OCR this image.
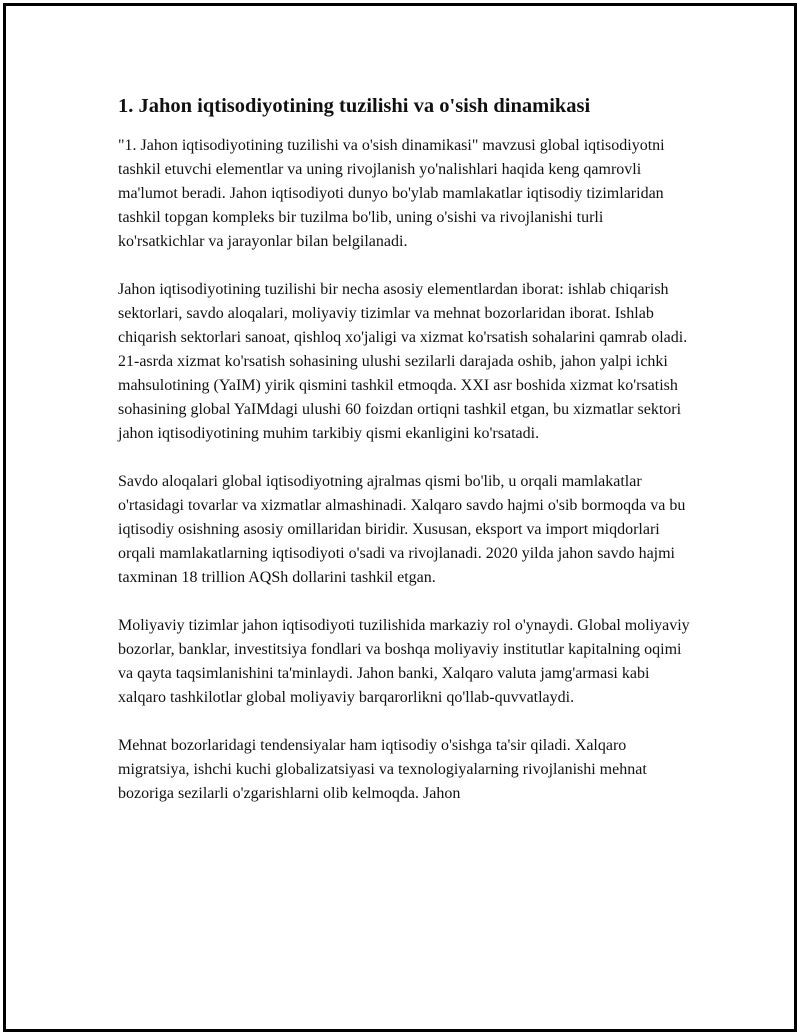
1. Jahon iqtisodiyotining tuzilishi va o'sish dinamikasi

"1. Jahon iqtisodiyotining tuzilishi va o'sish dinamikasi" mavzusi global iqtisodiyotni tashkil etuvchi elementlar va uning rivojlanish yo'nalishlari haqida keng qamrovli ma'lumot beradi. Jahon iqtisodiyoti dunyo bo'ylab mamlakatlar iqtisodiy tizimlaridan tashkil topgan kompleks bir tuzilma bo'lib, uning o'sishi va rivojlanishi turli ko'rsatkichlar va jarayonlar bilan belgilanadi.

Jahon iqtisodiyotining tuzilishi bir necha asosiy elementlardan iborat: ishlab chiqarish sektorlari, savdo aloqalari, moliyaviy tizimlar va mehnat bozorlaridan iborat. Ishlab chiqarish sektorlari sanoat, qishloq xo'jaligi va xizmat ko'rsatish sohalarini qamrab oladi. 21-asrda xizmat ko'rsatish sohasining ulushi sezilarli darajada oshib, jahon yalpi ichki mahsulotining (YaIM) yirik qismini tashkil etmoqda. XXI asr boshida xizmat ko'rsatish sohasining global YaIMdagi ulushi 60 foizdan ortiqni tashkil etgan, bu xizmatlar sektori jahon iqtisodiyotining muhim tarkibiy qismi ekanligini ko'rsatadi.

Savdo aloqalari global iqtisodiyotning ajralmas qismi bo'lib, u orqali mamlakatlar o'rtasidagi tovarlar va xizmatlar almashinadi. Xalqaro savdo hajmi o'sib bormoqda va bu iqtisodiy osishning asosiy omillaridan biridir. Xususan, eksport va import miqdorlari orqali mamlakatlarning iqtisodiyoti o'sadi va rivojlanadi. 2020 yilda jahon savdo hajmi taxminan 18 trillion AQSh dollarini tashkil etgan.

Moliyaviy tizimlar jahon iqtisodiyoti tuzilishida markaziy rol o'ynaydi. Global moliyaviy bozorlar, banklar, investitsiya fondlari va boshqa moliyaviy institutlar kapitalning oqimi va qayta taqsimlanishini ta'minlaydi. Jahon banki, Xalqaro valuta jamg'armasi kabi xalqaro tashkilotlar global moliyaviy barqarorlikni qo'llab-quvvatlaydi.

Mehnat bozorlaridagi tendensiyalar ham iqtisodiy o'sishga ta'sir qiladi. Xalqaro migratsiya, ishchi kuchi globalizatsiyasi va texnologiyalarning rivojlanishi mehnat bozoriga sezilarli o'zgarishlarni olib kelmoqda. Jahon
